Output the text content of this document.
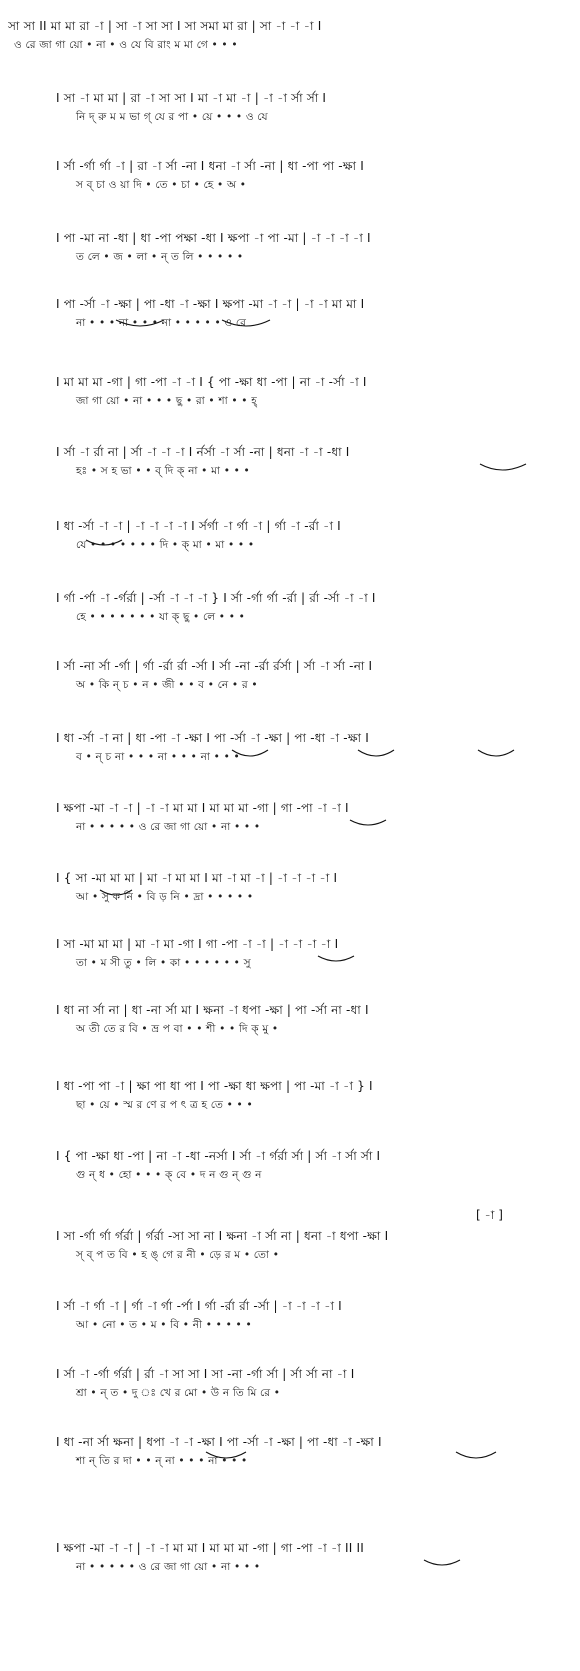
সা সা II মা মা রা -া | সা -া সা সা I সা সমা মা রা | সা -া -া -া I
ও রে জা গা য়ো • না • ও যে বি রাং ম মা গে • • •
I সা -া মা মা | রা -া সা সা I মা -া মা -া | -া -া র্সা র্সা I
নি দ্ রু ম ম ভা গ্ যে র পা • য়ে • • • ও যে
I র্সা -র্গা র্গা -া | রা -া র্সা -না I ধনা -া র্সা -না | ধা -পা পা -ক্ষা I
স ব্ চা ও য়া দি • তে • চা • হে • অ •
I পা -মা না -ধা | ধা -পা পক্ষা -ধা I ক্ষপা -া পা -মা | -া -া -া -া I
ত লে • জ • লা • ন্ ত লি • • • • •
I পা -র্সা -া -ক্ষা | পা -ধা -া -ক্ষা I ক্ষপা -মা -া -া | -া -া মা মা I
না • • • না • • • না • • • • • ও রে
I মা মা মা -গা | গা -পা -া -া I { পা -ক্ষা ধা -পা | না -া -র্সা -া I
জা গা য়ো • না • • • ছু • রা • শা • • হ্
I র্সা -া র্রা না | র্সা -া -া -া I র্নর্সা -া র্সা -না | ধনা -া -া -ধা I
হঃ • স হ ভা • • ব্ দি ক্ না • মা • • •
I ধা -র্সা -া -া | -া -া -া -া I র্সর্গা -া র্গা -া | র্গা -া -র্রা -া I
যে • • • • • • • দি • ক্ মা • মা • • •
I র্গা -র্পা -া -র্গর্রা | -র্সা -া -া -া } I র্সা -র্গা র্গা -র্রা | র্রা -র্সা -া -া I
হে • • • • • • • যা ক্ ছু • লে • • •
I র্সা -না র্সা -র্গা | র্গা -র্রা র্রা -র্সা I র্সা -না -র্রা র্রর্সা | র্সা -া র্সা -না I
অ • কি ন্ চ • ন • জী • • ব • নে • র •
I ধা -র্সা -া না | ধা -পা -া -ক্ষা I পা -র্সা -া -ক্ষা | পা -ধা -া -ক্ষা I
ব • ন্ চ না • • • না • • • না • • •
I ক্ষপা -মা -া -া | -া -া মা মা I মা মা মা -গা | গা -পা -া -া I
না • • • • • ও রে জা গা য়ো • না • • •
I { সা -মা মা মা | মা -া মা মা I মা -া মা -া | -া -া -া -া I
আ • সু ক নি • বি ড় নি • দ্রা • • • • •
I সা -মা মা মা | মা -া মা -গা I গা -পা -া -া | -া -া -া -া I
তা • ম সী তু • লি • কা • • • • • • সু
I ধা না র্সা না | ধা -না র্সা মা I ক্ষনা -া ধপা -ক্ষা | পা -র্সা না -ধা I
অ তী তে র বি • ভ্র প বা • • শী • • দি ক্ মু •
I ধা -পা পা -া | ক্ষা পা ধা পা I পা -ক্ষা ধা ক্ষপা | পা -মা -া -া } I
ছা • য়ে • স্ম র ণে র প ৎ ত্র হ তে • • •
I { পা -ক্ষা ধা -পা | না -া -ধা -নর্সা I র্সা -া র্গর্রা র্সা | র্সা -া র্সা র্সা I
গু ন্ ধ • হো • • • ক্ বে • দ ন গু ন্ গু ন
[ -া ]
I সা -র্গা র্গা র্গর্রা | র্গর্রা -সা সা না I ক্ষনা -া র্সা না | ধনা -া ধপা -ক্ষা I
স্ ব্ প ত বি • হ ঙ্ গে র নী • ড়ে র ম • তো •
I র্সা -া র্গা -া | র্গা -া র্গা -র্পা I র্গা -র্রা র্রা -র্সা | -া -া -া -া I
আ • নো • ত • ম • বি • নী • • • • •
I র্সা -া -র্গা র্গর্রা | র্রা -া সা সা I সা -না -র্গা র্সা | র্সা র্সা না -া I
শ্রা • ন্ ত • দু ঃ খে র মো • উ ন তি মি রে •
I ধা -না র্সা ক্ষনা | ধপা -া -া -ক্ষা I পা -র্সা -া -ক্ষা | পা -ধা -া -ক্ষা I
শা ন্ তি র দা • • ন্ না • • • না • • •
I ক্ষপা -মা -া -া | -া -া মা মা I মা মা মা -গা | গা -পা -া -া II II
না • • • • • ও রে জা গা য়ো • না • • •
